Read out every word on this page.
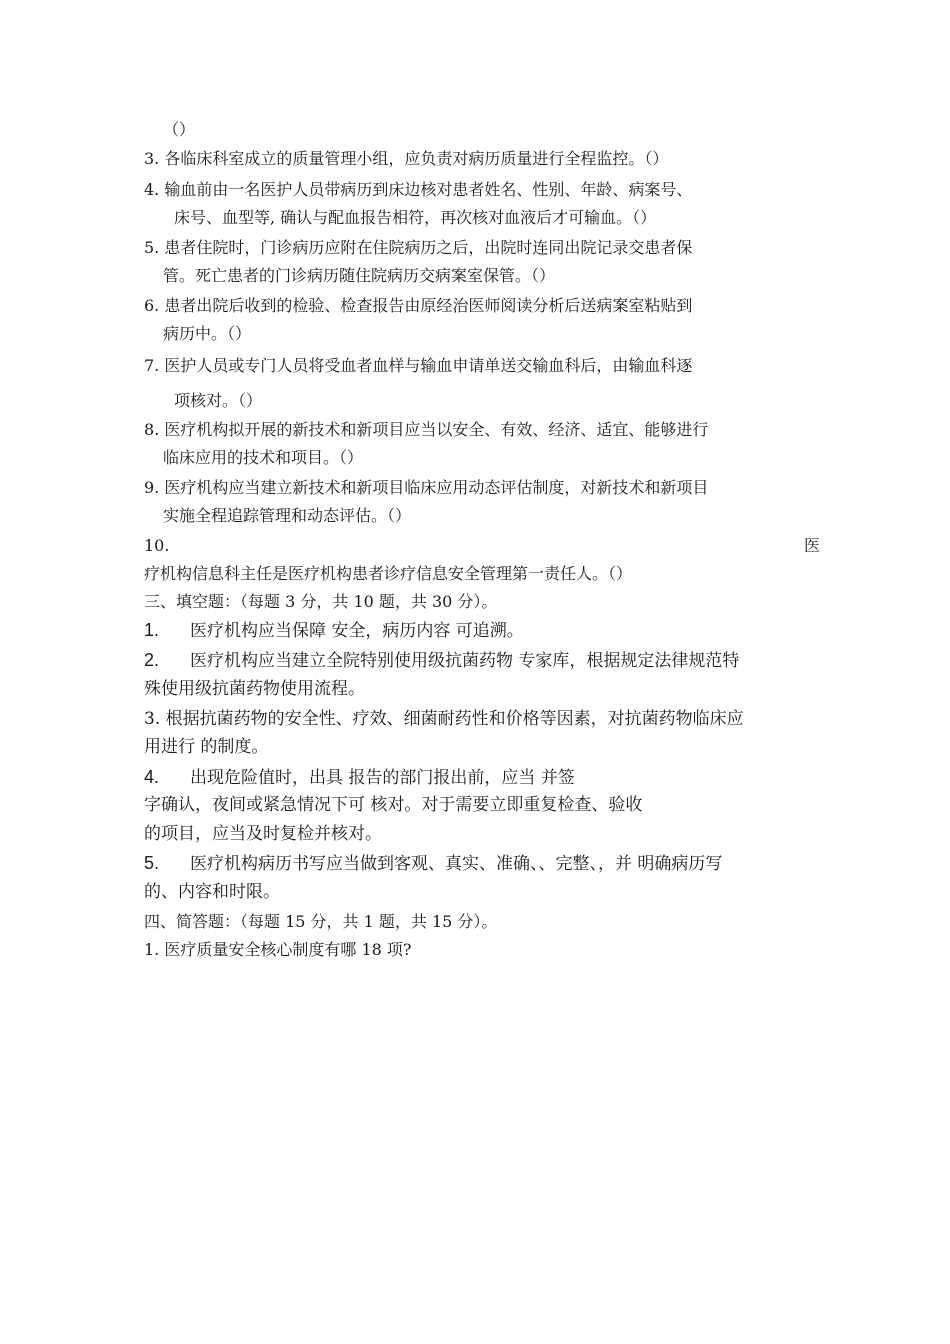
（）
3. 各临床科室成立的质量管理小组，应负责对病历质量进行全程监控。（）
4. 输血前由一名医护人员带病历到床边核对患者姓名、性别、年龄、病案号、
床号、血型等, 确认与配血报告相符，再次核对血液后才可输血。（）
5. 患者住院时，门诊病历应附在住院病历之后，出院时连同出院记录交患者保
管。死亡患者的门诊病历随住院病历交病案室保管。（）
6. 患者出院后收到的检验、检查报告由原经治医师阅读分析后送病案室粘贴到
病历中。（）
7. 医护人员或专门人员将受血者血样与输血申请单送交输血科后，由输血科逐
项核对。（）
8. 医疗机构拟开展的新技术和新项目应当以安全、有效、经济、适宜、能够进行
临床应用的技术和项目。（）
9. 医疗机构应当建立新技术和新项目临床应用动态评估制度，对新技术和新项目
实施全程追踪管理和动态评估。（）
10.	医
疗机构信息科主任是医疗机构患者诊疗信息安全管理第一责任人。（）
三、填空题：（每题 3 分，共 10 题，共 30 分）。
1. 医疗机构应当保障 安全，病历内容 可追溯。
2. 医疗机构应当建立全院特别使用级抗菌药物 专家库，根据规定法律规范特
殊使用级抗菌药物使用流程。
3. 根据抗菌药物的安全性、疗效、细菌耐药性和价格等因素，对抗菌药物临床应
用进行 的制度。
4. 出现危险值时，出具 报告的部门报出前，应当 并签
字确认，夜间或紧急情况下可 核对。对于需要立即重复检查、验收
的项目，应当及时复检并核对。
5. 医疗机构病历书写应当做到客观、真实、准确、、完整、，并 明确病历写
的、内容和时限。
四、简答题：（每题 15 分，共 1 题，共 15 分）。
1. 医疗质量安全核心制度有哪 18 项?
